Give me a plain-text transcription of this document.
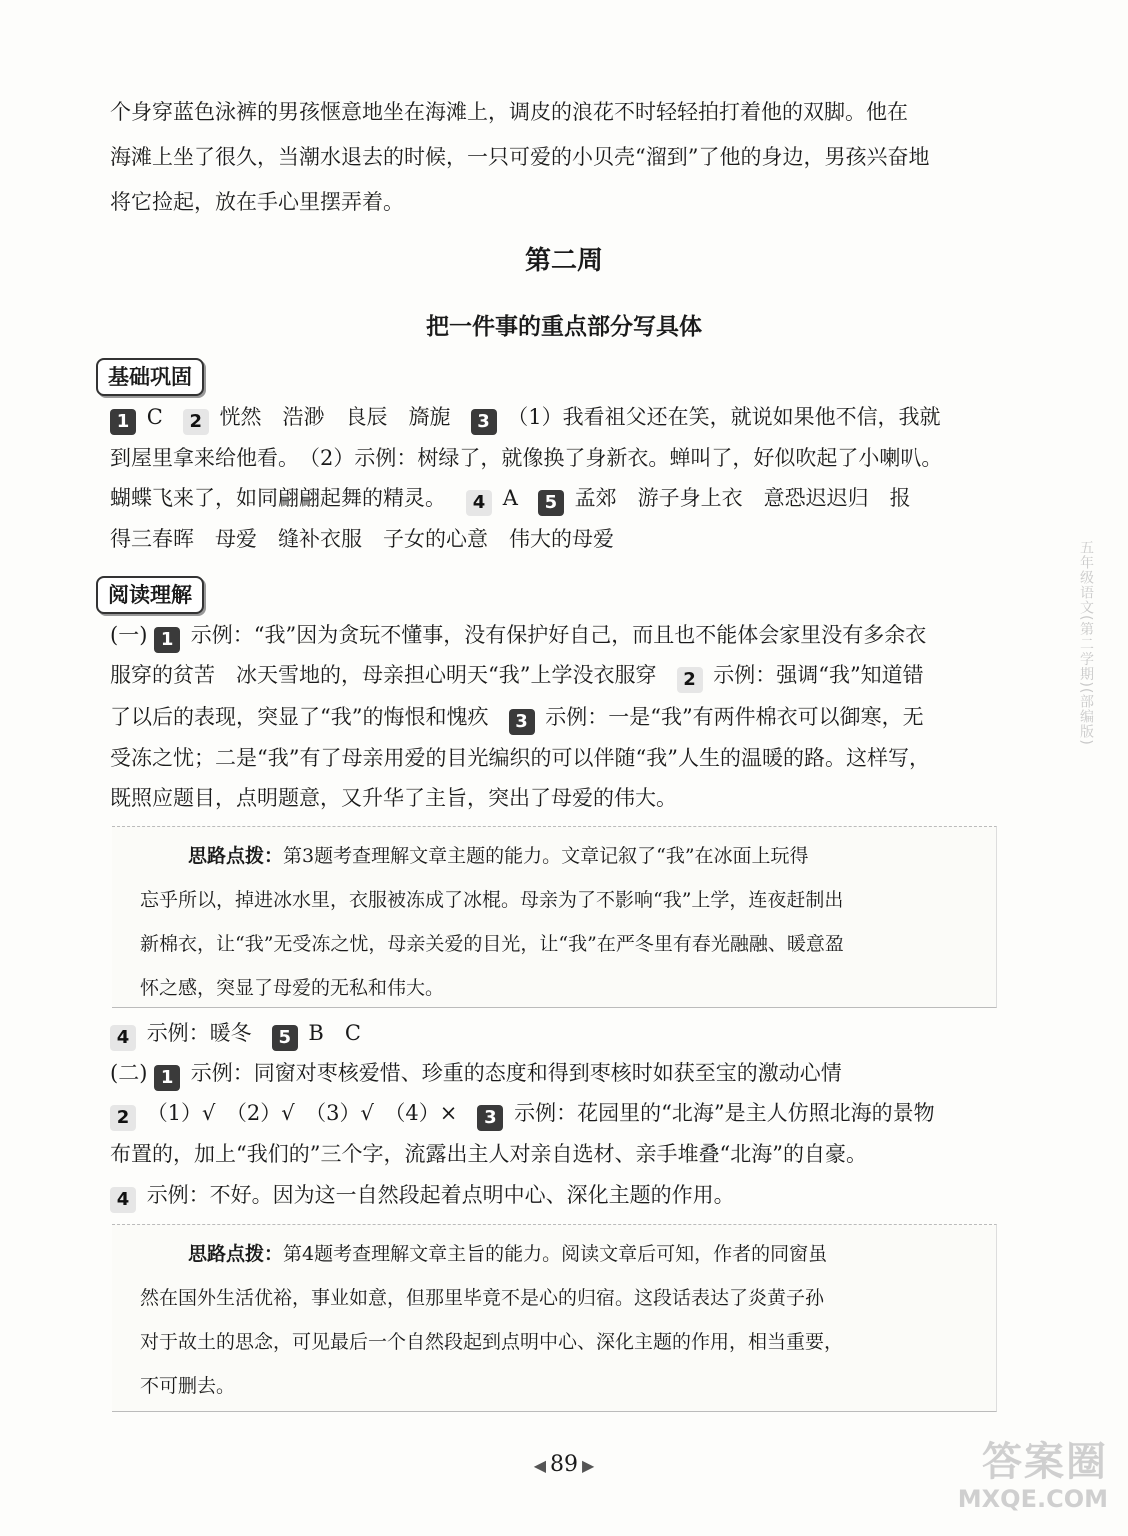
个身穿蓝色泳裤的男孩惬意地坐在海滩上，调皮的浪花不时轻轻拍打着他的双脚。他在
海滩上坐了很久，当潮水退去的时候，一只可爱的小贝壳“溜到”了他的身边，男孩兴奋地
将它捡起，放在手心里摆弄着。
第二周
把一件事的重点部分写具体
基础巩固
1 C 2 恍然　浩渺　良辰　旖旎 3 （1）我看祖父还在笑，就说如果他不信，我就
到屋里拿来给他看。　（2）示例：树绿了，就像换了身新衣。蝉叫了，好似吹起了小喇叭。
蝴蝶飞来了，如同翩翩起舞的精灵。 4 A 5 孟郊　游子身上衣　意恐迟迟归　报
得三春晖　母爱　缝补衣服　子女的心意　伟大的母爱
阅读理解
(一) 1 示例：“我”因为贪玩不懂事，没有保护好自己，而且也不能体会家里没有多余衣
服穿的贫苦　冰天雪地的，母亲担心明天“我”上学没衣服穿 2 示例：强调“我”知道错
了以后的表现，突显了“我”的悔恨和愧疚 3 示例：一是“我”有两件棉衣可以御寒，无
受冻之忧；二是“我”有了母亲用爱的目光编织的可以伴随“我”人生的温暖的路。这样写，
既照应题目，点明题意，又升华了主旨，突出了母爱的伟大。
思路点拨：第3题考查理解文章主题的能力。文章记叙了“我”在冰面上玩得
忘乎所以，掉进冰水里，衣服被冻成了冰棍。母亲为了不影响“我”上学，连夜赶制出
新棉衣，让“我”无受冻之忧，母亲关爱的目光，让“我”在严冬里有春光融融、暖意盈
怀之感，突显了母爱的无私和伟大。
4 示例：暖冬 5 B　C
(二) 1 示例：同窗对枣核爱惜、珍重的态度和得到枣核时如获至宝的激动心情
2 （1）√　（2）√　（3）√　（4）× 3 示例：花园里的“北海”是主人仿照北海的景物
布置的，加上“我们的”三个字，流露出主人对亲自选材、亲手堆叠“北海”的自豪。
4 示例：不好。因为这一自然段起着点明中心、深化主题的作用。
思路点拨：第4题考查理解文章主旨的能力。阅读文章后可知，作者的同窗虽
然在国外生活优裕，事业如意，但那里毕竟不是心的归宿。这段话表达了炎黄子孙
对于故土的思念，可见最后一个自然段起到点明中心、深化主题的作用，相当重要，
不可删去。
五年级语文(第二学期)(部编版)
◀ 89 ▶	答案圈
MXQE.COM
